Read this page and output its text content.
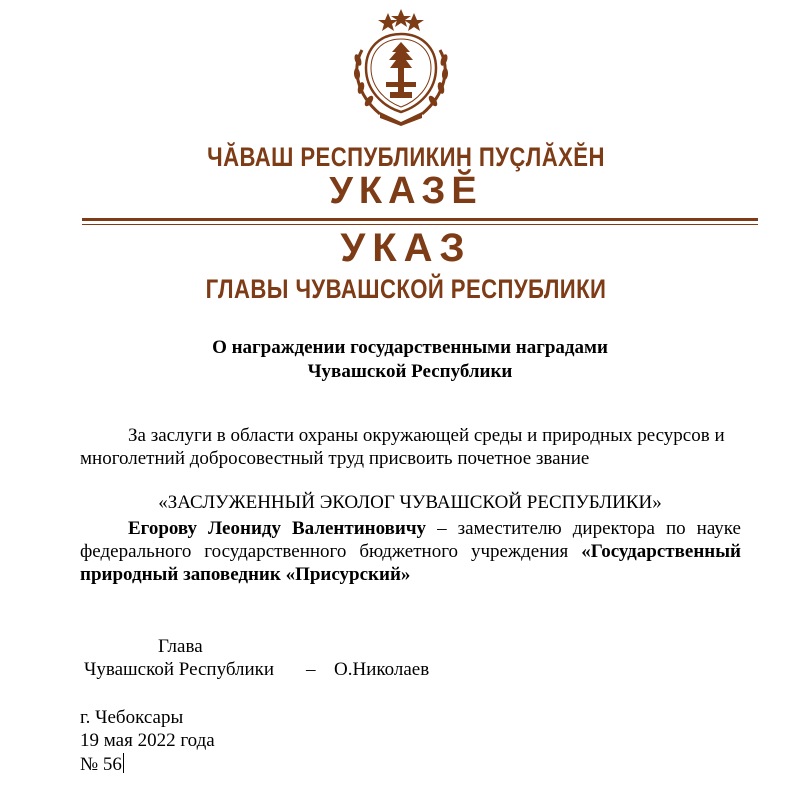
ЧĂВАШ РЕСПУБЛИКИН ПУÇЛĂХĔН
УКАЗĔ
УКАЗ
ГЛАВЫ ЧУВАШСКОЙ РЕСПУБЛИКИ
О награждении государственными наградами
Чувашской Республики
За заслуги в области охраны окружающей среды и природных ресурсов и многолетний добросовестный труд присвоить почетное звание
«ЗАСЛУЖЕННЫЙ ЭКОЛОГ ЧУВАШСКОЙ РЕСПУБЛИКИ»
Егорову Леониду Валентиновичу – заместителю директора по науке федерального государственного бюджетного учреждения «Государственный природный заповедник «Присурский»
Глава
Чувашской Республики – О.Николаев
г. Чебоксары
19 мая 2022 года
№ 56
